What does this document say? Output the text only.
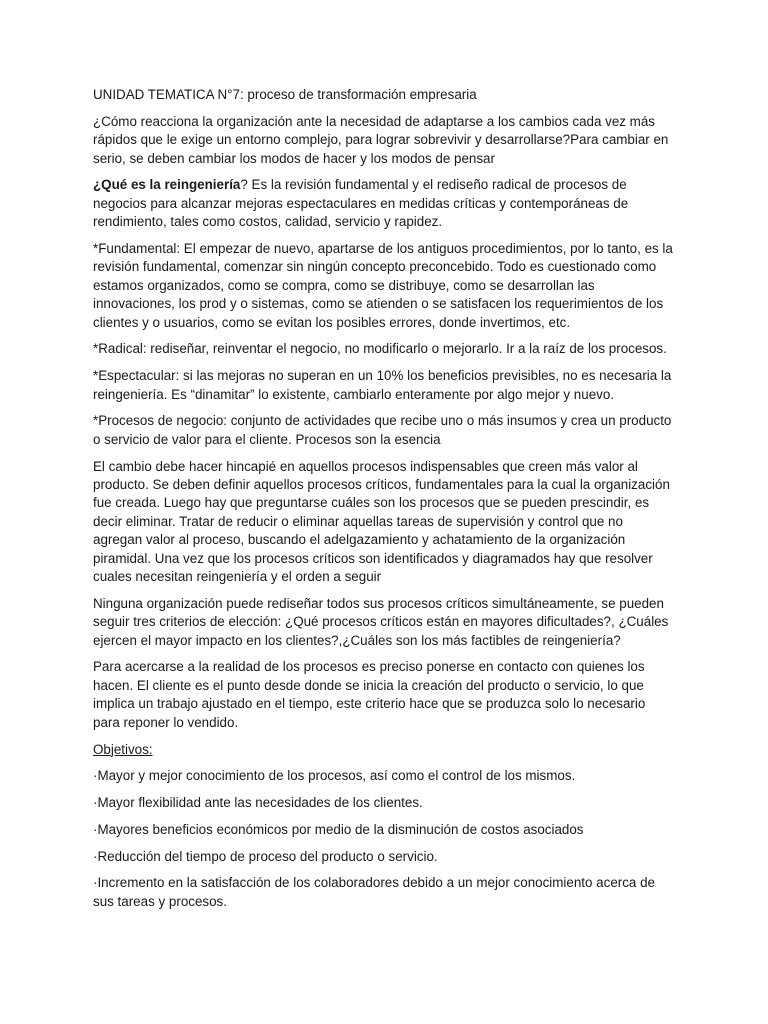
UNIDAD TEMATICA N°7: proceso de transformación empresaria
¿Cómo reacciona la organización ante la necesidad de adaptarse a los cambios cada vez más rápidos que le exige un entorno complejo, para lograr sobrevivir y desarrollarse?Para cambiar en serio, se deben cambiar los modos de hacer y los modos de pensar
¿Qué es la reingeniería? Es la revisión fundamental y el rediseño radical de procesos de negocios para alcanzar mejoras espectaculares en medidas críticas y contemporáneas de rendimiento, tales como costos, calidad, servicio y rapidez.
*Fundamental: El empezar de nuevo, apartarse de los antiguos procedimientos, por lo tanto, es la revisión fundamental, comenzar sin ningún concepto preconcebido. Todo es cuestionado como estamos organizados, como se compra, como se distribuye, como se desarrollan las innovaciones, los prod y o sistemas, como se atienden o se satisfacen los requerimientos de los clientes y o usuarios, como se evitan los posibles errores, donde invertimos, etc.
*Radical: rediseñar, reinventar el negocio, no modificarlo o mejorarlo. Ir a la raíz de los procesos.
*Espectacular: si las mejoras no superan en un 10% los beneficios previsibles, no es necesaria la reingeniería. Es “dinamitar” lo existente, cambiarlo enteramente por algo mejor y nuevo.
*Procesos de negocio: conjunto de actividades que recibe uno o más insumos y crea un producto o servicio de valor para el cliente. Procesos son la esencia
El cambio debe hacer hincapié en aquellos procesos indispensables que creen más valor al producto. Se deben definir aquellos procesos críticos, fundamentales para la cual la organización fue creada. Luego hay que preguntarse cuáles son los procesos que se pueden prescindir, es decir eliminar. Tratar de reducir o eliminar aquellas tareas de supervisión y control que no agregan valor al proceso, buscando el adelgazamiento y achatamiento de la organización piramidal. Una vez que los procesos críticos son identificados y diagramados hay que resolver cuales necesitan reingeniería y el orden a seguir
Ninguna organización puede rediseñar todos sus procesos críticos simultáneamente, se pueden seguir tres criterios de elección: ¿Qué procesos críticos están en mayores dificultades?, ¿Cuáles ejercen el mayor impacto en los clientes?,¿Cuáles son los más factibles de reingeniería?
Para acercarse a la realidad de los procesos es preciso ponerse en contacto con quienes los hacen. El cliente es el punto desde donde se inicia la creación del producto o servicio, lo que implica un trabajo ajustado en el tiempo, este criterio hace que se produzca solo lo necesario para reponer lo vendido.
Objetivos:
·Mayor y mejor conocimiento de los procesos, así como el control de los mismos.
·Mayor flexibilidad ante las necesidades de los clientes.
·Mayores beneficios económicos por medio de la disminución de costos asociados
·Reducción del tiempo de proceso del producto o servicio.
·Incremento en la satisfacción de los colaboradores debido a un mejor conocimiento acerca de sus tareas y procesos.
